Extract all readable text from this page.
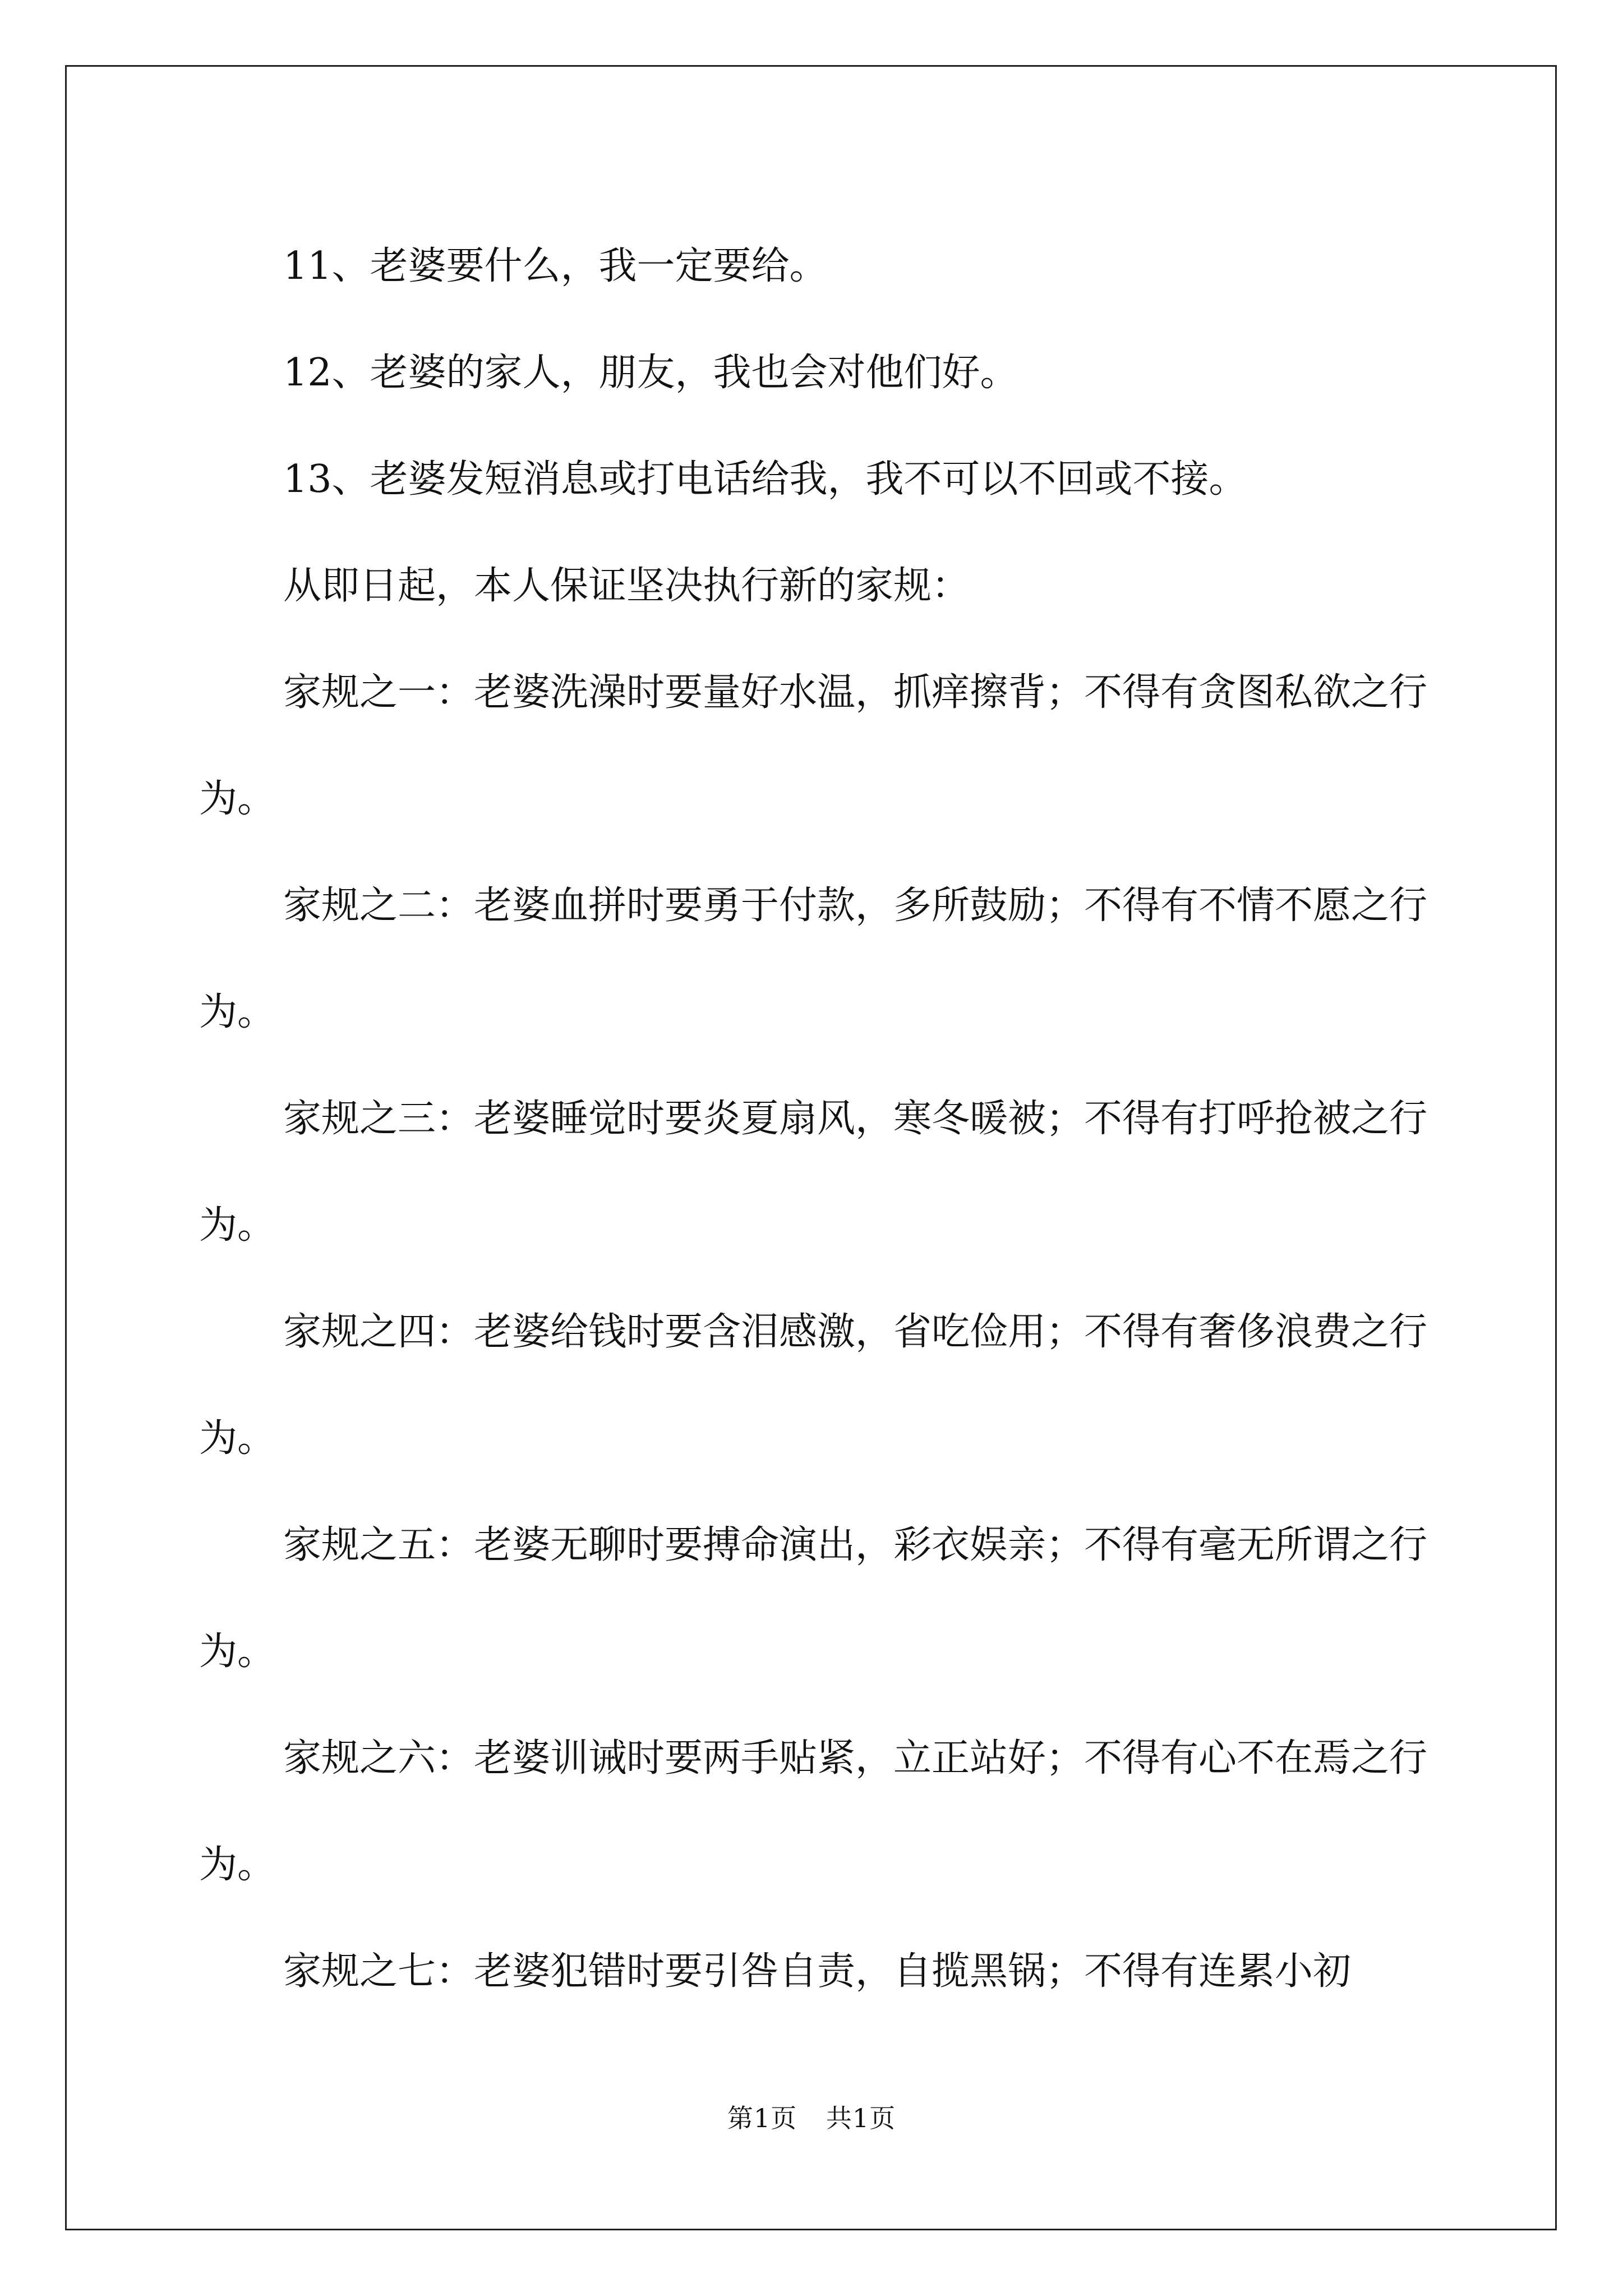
11、老婆要什么，我一定要给。

12、老婆的家人，朋友，我也会对他们好。

13、老婆发短消息或打电话给我，我不可以不回或不接。

从即日起，本人保证坚决执行新的家规：

家规之一：老婆洗澡时要量好水温，抓痒擦背；不得有贪图私欲之行为。

家规之二：老婆血拼时要勇于付款，多所鼓励；不得有不情不愿之行为。

家规之三：老婆睡觉时要炎夏扇风，寒冬暖被；不得有打呼抢被之行为。

家规之四：老婆给钱时要含泪感激，省吃俭用；不得有奢侈浪费之行为。

家规之五：老婆无聊时要搏命演出，彩衣娱亲；不得有毫无所谓之行为。

家规之六：老婆训诫时要两手贴紧，立正站好；不得有心不在焉之行为。

家规之七：老婆犯错时要引咎自责，自揽黑锅；不得有连累小初

第1页 共1页
